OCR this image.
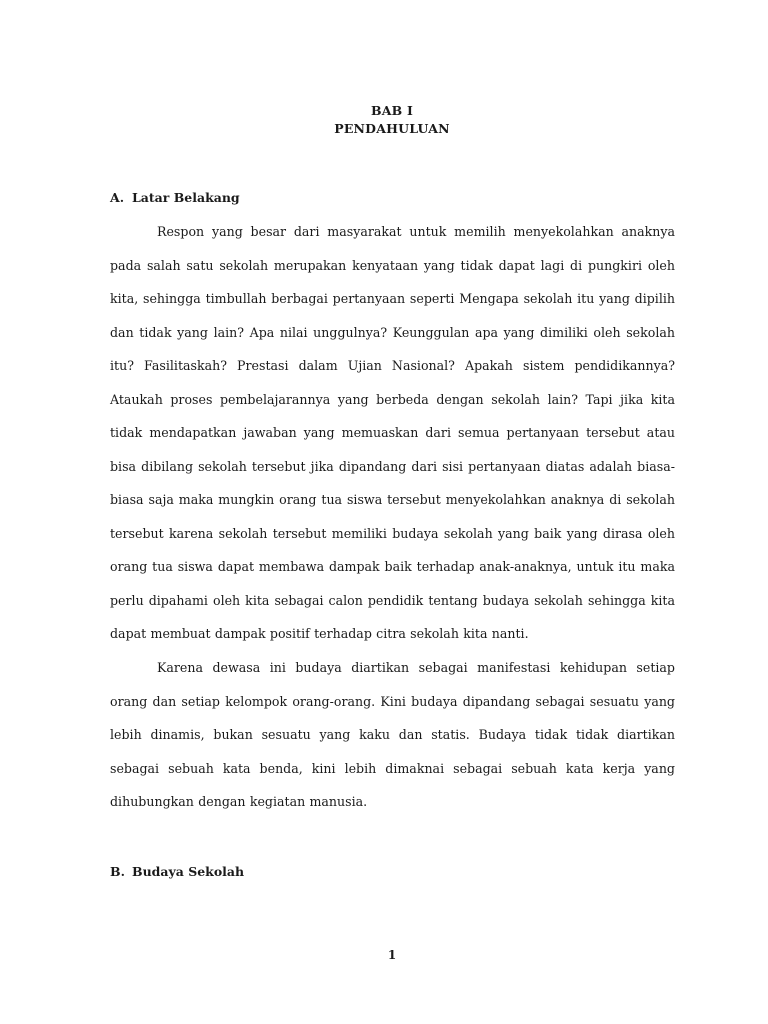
BAB I
PENDAHULUAN
A. Latar Belakang

Respon yang besar dari masyarakat untuk memilih menyekolahkan anaknya pada salah satu sekolah merupakan kenyataan yang tidak dapat lagi di pungkiri oleh kita, sehingga timbullah berbagai pertanyaan seperti Mengapa sekolah itu yang dipilih dan tidak yang lain? Apa nilai unggulnya? Keunggulan apa yang dimiliki oleh sekolah itu? Fasilitaskah? Prestasi dalam Ujian Nasional? Apakah sistem pendidikannya? Ataukah proses pembelajarannya yang berbeda dengan sekolah lain? Tapi jika kita tidak mendapatkan jawaban yang memuaskan dari semua pertanyaan tersebut atau bisa dibilang sekolah tersebut jika dipandang dari sisi pertanyaan diatas adalah biasa-biasa saja maka mungkin orang tua siswa tersebut menyekolahkan anaknya di sekolah tersebut karena sekolah tersebut memiliki budaya sekolah yang baik yang dirasa oleh orang tua siswa dapat membawa dampak baik terhadap anak-anaknya, untuk itu maka perlu dipahami oleh kita sebagai calon pendidik tentang budaya sekolah sehingga kita dapat membuat dampak positif terhadap citra sekolah kita nanti.

Karena dewasa ini budaya diartikan sebagai manifestasi kehidupan setiap orang dan setiap kelompok orang-orang. Kini budaya dipandang sebagai sesuatu yang lebih dinamis, bukan sesuatu yang kaku dan statis. Budaya tidak tidak diartikan sebagai sebuah kata benda, kini lebih dimaknai sebagai sebuah kata kerja yang dihubungkan dengan kegiatan manusia.

B. Budaya Sekolah
1
